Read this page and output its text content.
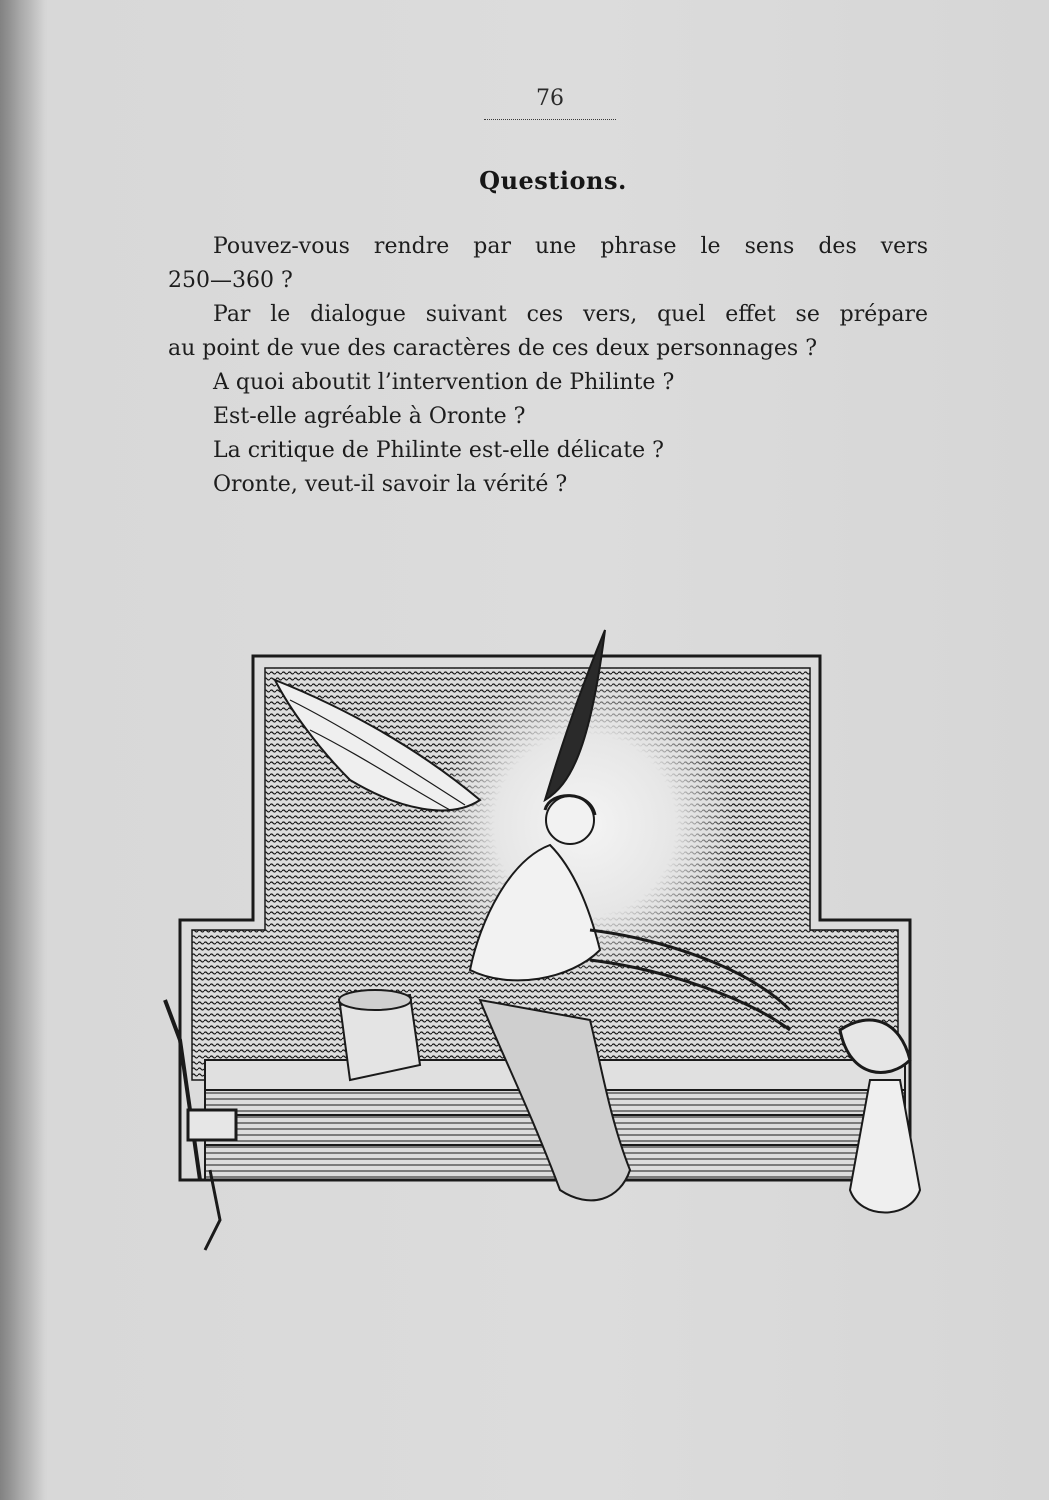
76
Questions.

Pouvez-vous rendre par une phrase le sens des vers

250—360 ?

Par le dialogue suivant ces vers, quel effet se prépare

au point de vue des caractères de ces deux personnages ?

A quoi aboutit l’intervention de Philinte ?

Est-elle agréable à Oronte ?

La critique de Philinte est-elle délicate ?

Oronte, veut-il savoir la vérité ?
